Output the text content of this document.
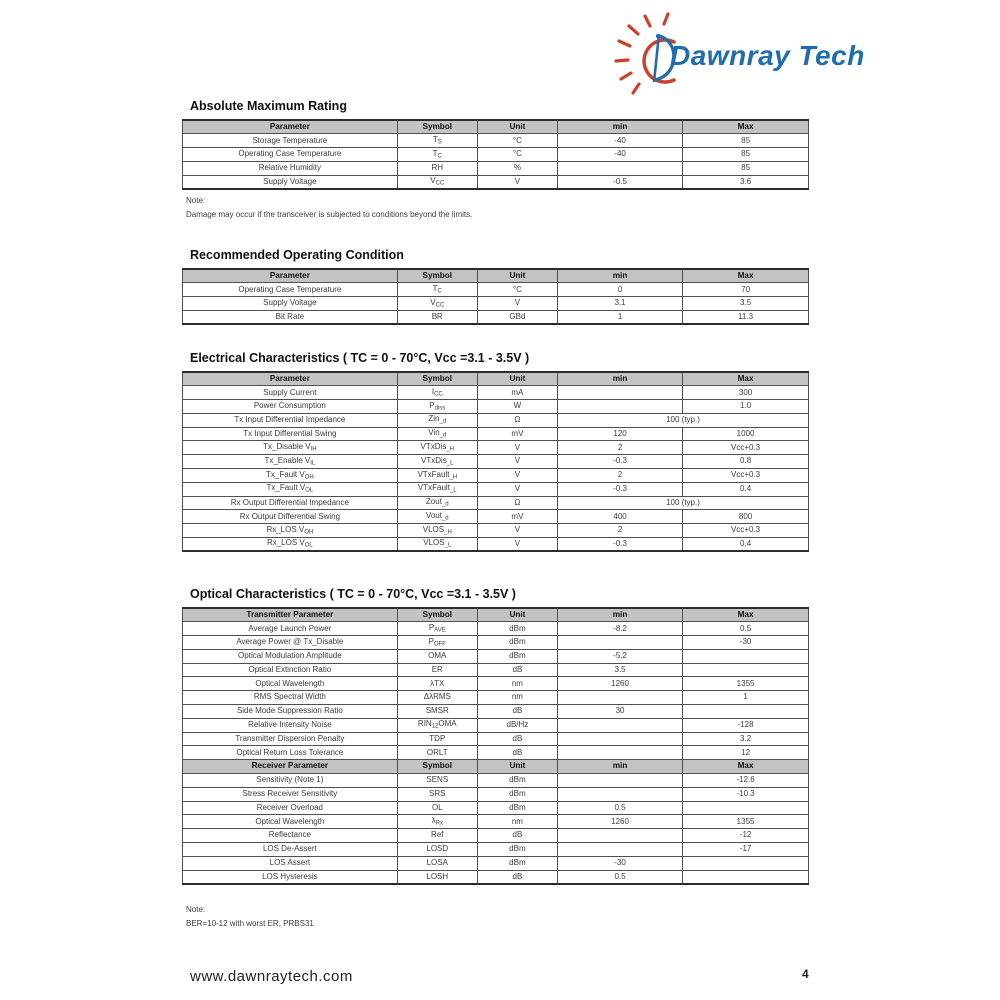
Dawnray Tech
Absolute Maximum Rating
Parameter	Symbol	Unit	min	Max
Storage Temperature	$T_S$	°C	-40	85
Operating Case Temperature	$T_C$	°C	-40	85
Relative Humidity	RH	%		85
Supply Voltage	$V_{CC}$	V	-0.5	3.6
Note:
Damage may occur if the transceiver is subjected to conditions beyond the limits.
Recommended Operating Condition
Parameter	Symbol	Unit	min	Max
Operating Case Temperature	$T_C$	°C	0	70
Supply Voltage	$V_{CC}$	V	3.1	3.5
Bit Rate	BR	GBd	1	11.3
Electrical Characteristics ( TC = 0 - 70°C, Vcc =3.1 - 3.5V )
Parameter	Symbol	Unit	min	Max
Supply Current	$I_{CC}$	mA		300
Power Consumption	$P_{diss}$	W		1.0
Tx Input Differential Impedance	Zin$_{\_d}$	Ω	100 (typ.)	
Tx Input Differential Swing	Vin$_{\_d}$	mV	120	1000
Tx_Disable $V_{IH}$	VTxDis$_{\_H}$	V	2	Vcc+0.3
Tx_Enable $V_{IL}$	VTxDis$_{\_L}$	V	-0.3	0.8
Tx_Fault $V_{OH}$	VTxFault$_{\_H}$	V	2	Vcc+0.3
Tx_Fault $V_{OL}$	VTxFault$_{\_L}$	V	-0.3	0.4
Rx Output Differential Impedance	Zout$_{\_d}$	Ω	100 (typ.)	
Rx Output Differential Swing	Vout$_{\_d}$	mV	400	800
Rx_LOS $V_{OH}$	$VLOS_{\_H}$	V	2	Vcc+0.3
Rx_LOS $V_{OL}$	$VLOS_{\_L}$	V	-0.3	0.4
Optical Characteristics ( TC = 0 - 70°C, Vcc =3.1 - 3.5V )
Transmitter Parameter	Symbol	Unit	min	Max
Average Launch Power	$P_{AVE}$	dBm	-8.2	0.5
Average Power @ Tx_Disable	$P_{OFF}$	dBm		-30
Optical Modulation Amplitude	OMA	dBm	-5.2	
Optical Extinction Ratio	ER	dB	3.5	
Optical Wavelength	λTX	nm	1260	1355
RMS Spectral Width	ΔλRMS	nm		1
Side Mode Suppression Ratio	SMSR	dB	30	
Relative Intensity Noise	$RIN_{12}OMA$	dB/Hz		-128
Transmitter Dispersion Penalty	TDP	dB		3.2
Optical Return Loss Tolerance	ORLT	dB		12
Receiver Parameter	Symbol	Unit	min	Max
Sensitivity (Note 1)	SENS	dBm		-12.6
Stress Receiver Sensitivity	SRS	dBm		-10.3
Receiver Overload	OL	dBm	0.5	
Optical Wavelength	$\lambda_{Rx}$	nm	1260	1355
Reflectance	Ref	dB		-12
LOS De-Assert	LOSD	dBm		-17
LOS Assert	LOSA	dBm	-30	
LOS Hysteresis	LOSH	dB	0.5	
Note:
BER=10-12 with worst ER, PRBS31
www.dawnraytech.com	4
